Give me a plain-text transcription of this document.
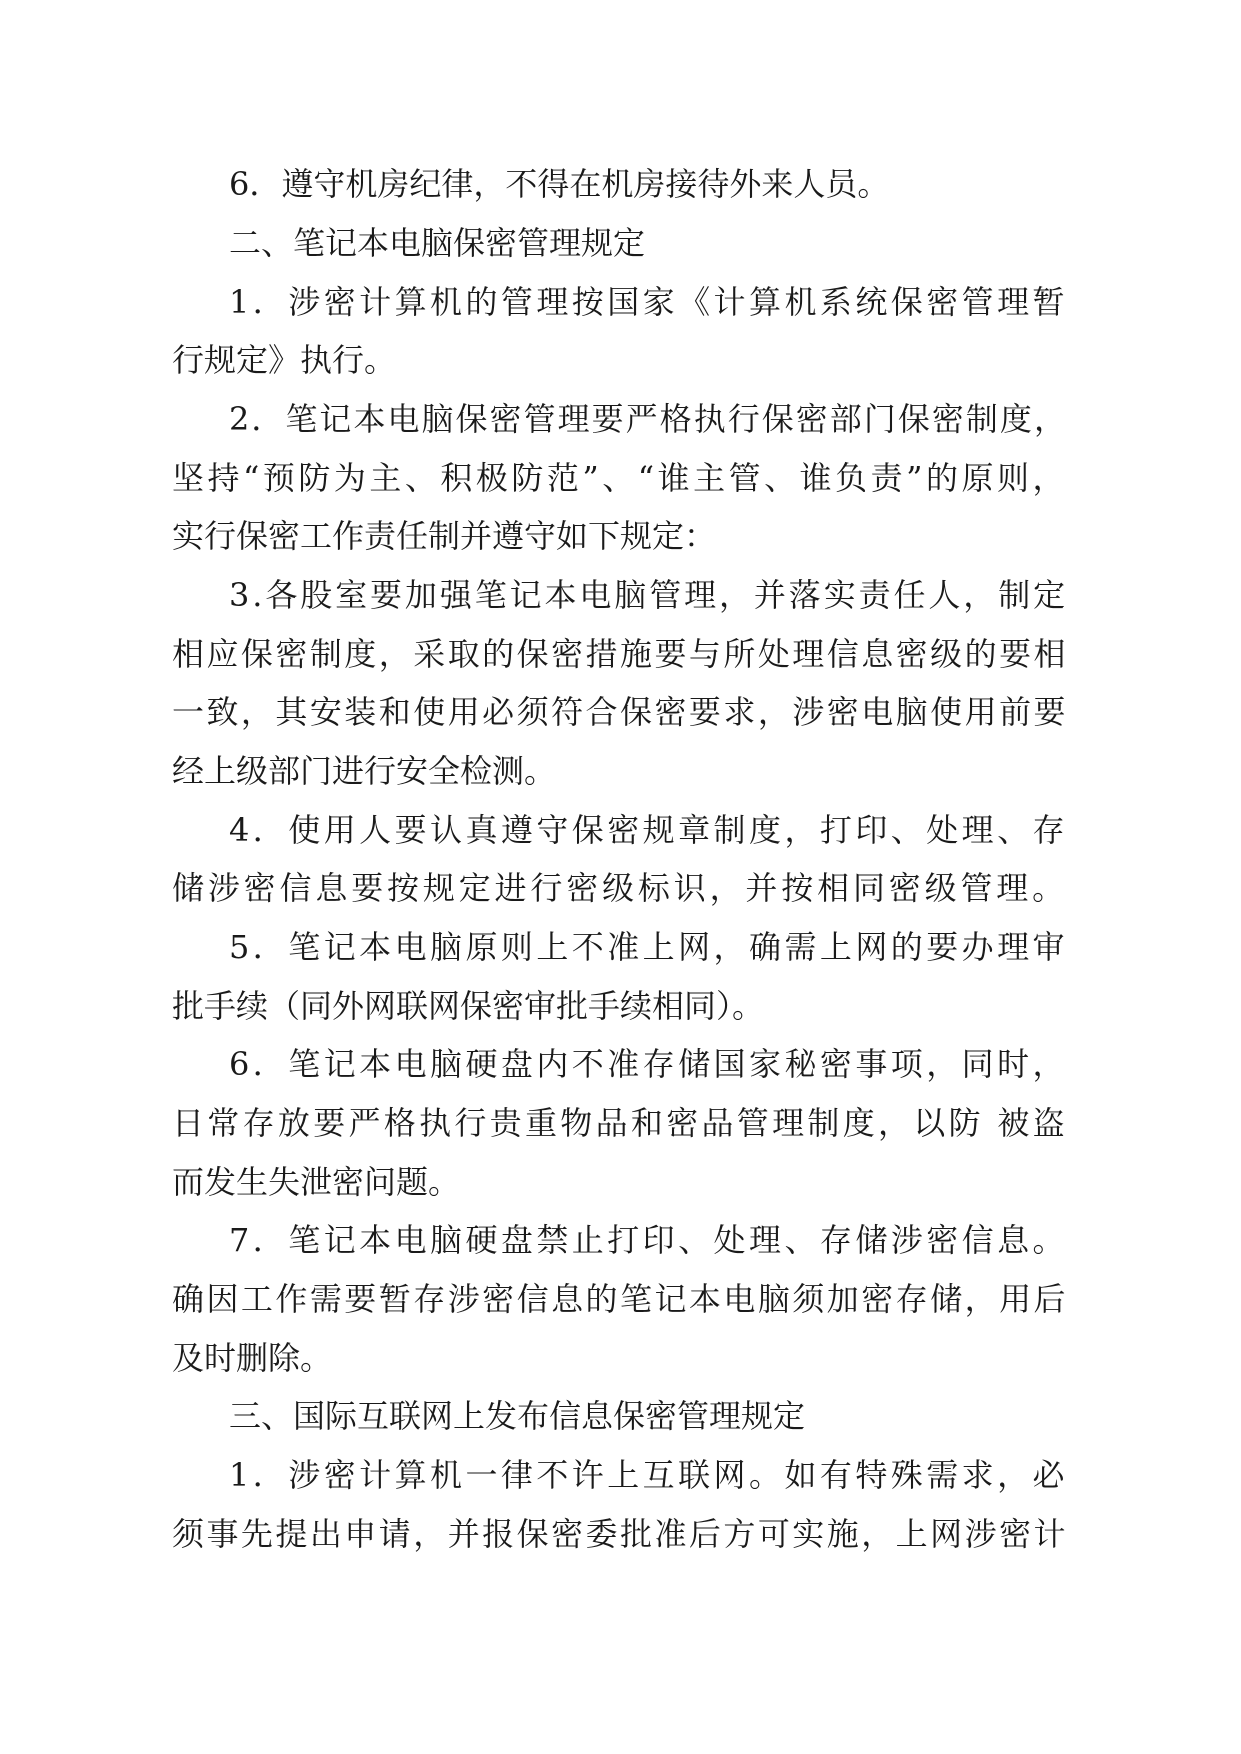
6．遵守机房纪律，不得在机房接待外来人员。
二、笔记本电脑保密管理规定
1．涉密计算机的管理按国家《计算机系统保密管理暂
行规定》执行。
2．笔记本电脑保密管理要严格执行保密部门保密制度，
坚持“预防为主、积极防范”、“谁主管、谁负责”的原则，
实行保密工作责任制并遵守如下规定：
3.各股室要加强笔记本电脑管理，并落实责任人，制定
相应保密制度，采取的保密措施要与所处理信息密级的要相
一致，其安装和使用必须符合保密要求，涉密电脑使用前要
经上级部门进行安全检测。
4．使用人要认真遵守保密规章制度，打印、处理、存
储涉密信息要按规定进行密级标识，并按相同密级管理。
5．笔记本电脑原则上不准上网，确需上网的要办理审
批手续（同外网联网保密审批手续相同）。
6．笔记本电脑硬盘内不准存储国家秘密事项，同时，
日常存放要严格执行贵重物品和密品管理制度，以防 被盗
而发生失泄密问题。
7．笔记本电脑硬盘禁止打印、处理、存储涉密信息。
确因工作需要暂存涉密信息的笔记本电脑须加密存储，用后
及时删除。
三、国际互联网上发布信息保密管理规定
1．涉密计算机一律不许上互联网。如有特殊需求，必
须事先提出申请，并报保密委批准后方可实施，上网涉密计
